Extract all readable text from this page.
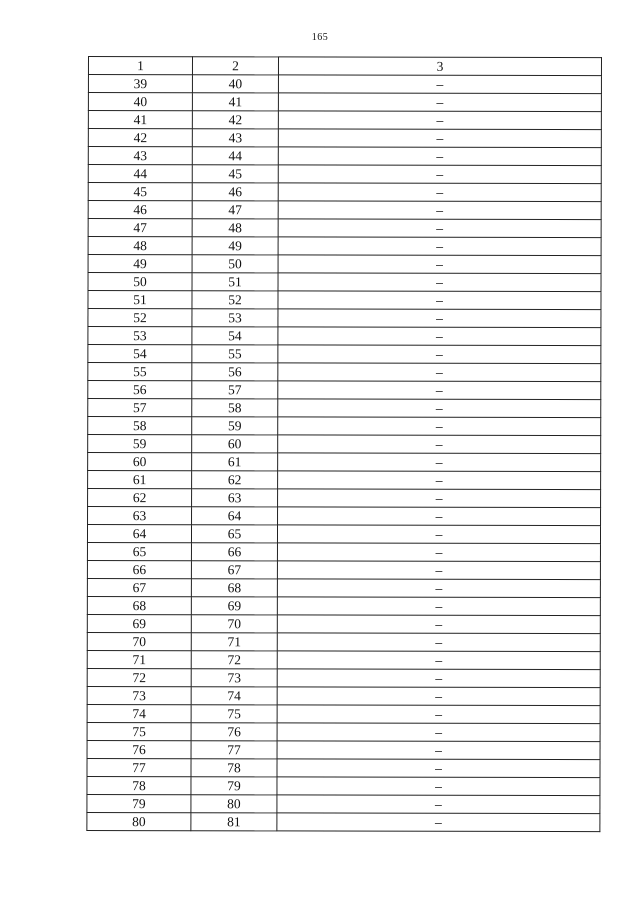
165
1	2	3
39	40	–
40	41	–
41	42	–
42	43	–
43	44	–
44	45	–
45	46	–
46	47	–
47	48	–
48	49	–
49	50	–
50	51	–
51	52	–
52	53	–
53	54	–
54	55	–
55	56	–
56	57	–
57	58	–
58	59	–
59	60	–
60	61	–
61	62	–
62	63	–
63	64	–
64	65	–
65	66	–
66	67	–
67	68	–
68	69	–
69	70	–
70	71	–
71	72	–
72	73	–
73	74	–
74	75	–
75	76	–
76	77	–
77	78	–
78	79	–
79	80	–
80	81	–
